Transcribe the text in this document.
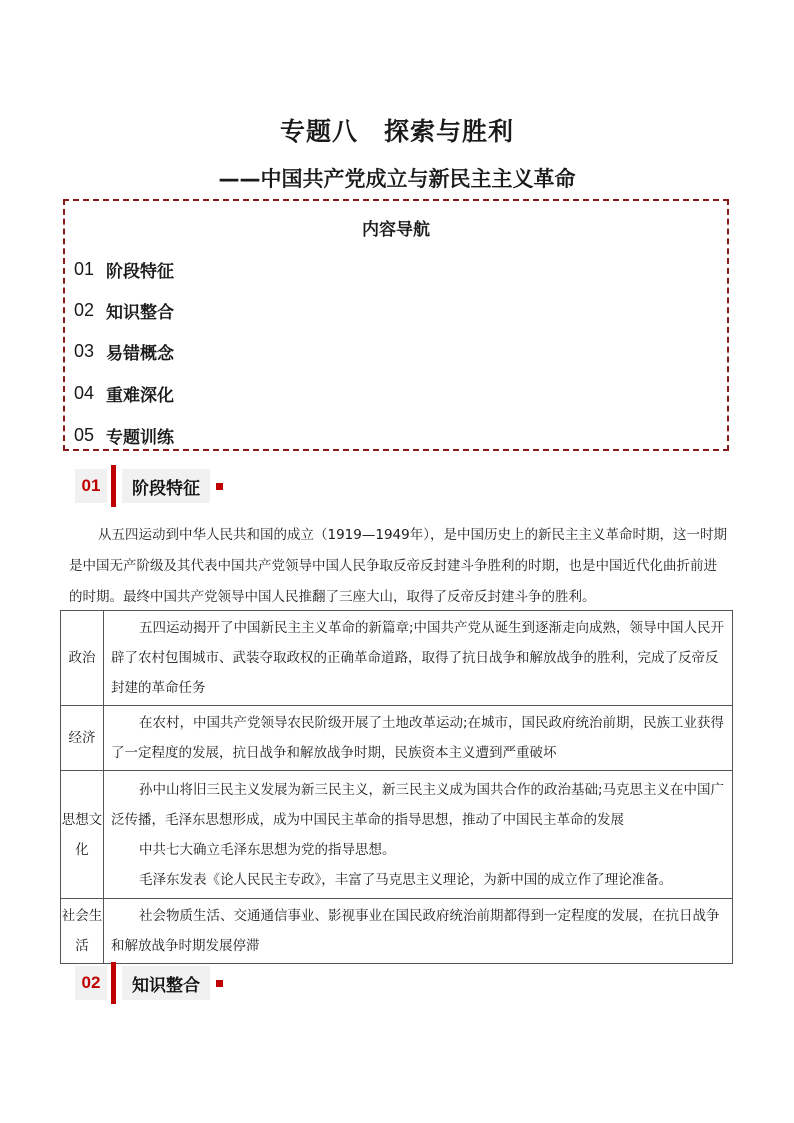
专题八　探索与胜利
——中国共产党成立与新民主主义革命
内容导航
01 阶段特征
02 知识整合
03 易错概念
04 重难深化
05 专题训练
01	阶段特征
从五四运动到中华人民共和国的成立（1919—1949年），是中国历史上的新民主主义革命时期，这一时期是中国无产阶级及其代表中国共产党领导中国人民争取反帝反封建斗争胜利的时期，也是中国近代化曲折前进的时期。最终中国共产党领导中国人民推翻了三座大山，取得了反帝反封建斗争的胜利。
政治	五四运动揭开了中国新民主主义革命的新篇章;中国共产党从诞生到逐渐走向成熟，领导中国人民开辟了农村包围城市、武装夺取政权的正确革命道路，取得了抗日战争和解放战争的胜利，完成了反帝反封建的革命任务

经济	在农村，中国共产党领导农民阶级开展了土地改革运动;在城市，国民政府统治前期，民族工业获得了一定程度的发展，抗日战争和解放战争时期，民族资本主义遭到严重破坏

思想文化	孙中山将旧三民主义发展为新三民主义，新三民主义成为国共合作的政治基础;马克思主义在中国广泛传播，毛泽东思想形成，成为中国民主革命的指导思想，推动了中国民主革命的发展

中共七大确立毛泽东思想为党的指导思想。

毛泽东发表《论人民民主专政》，丰富了马克思主义理论，为新中国的成立作了理论准备。

社会生活	社会物质生活、交通通信事业、影视事业在国民政府统治前期都得到一定程度的发展，在抗日战争和解放战争时期发展停滞

02	知识整合
